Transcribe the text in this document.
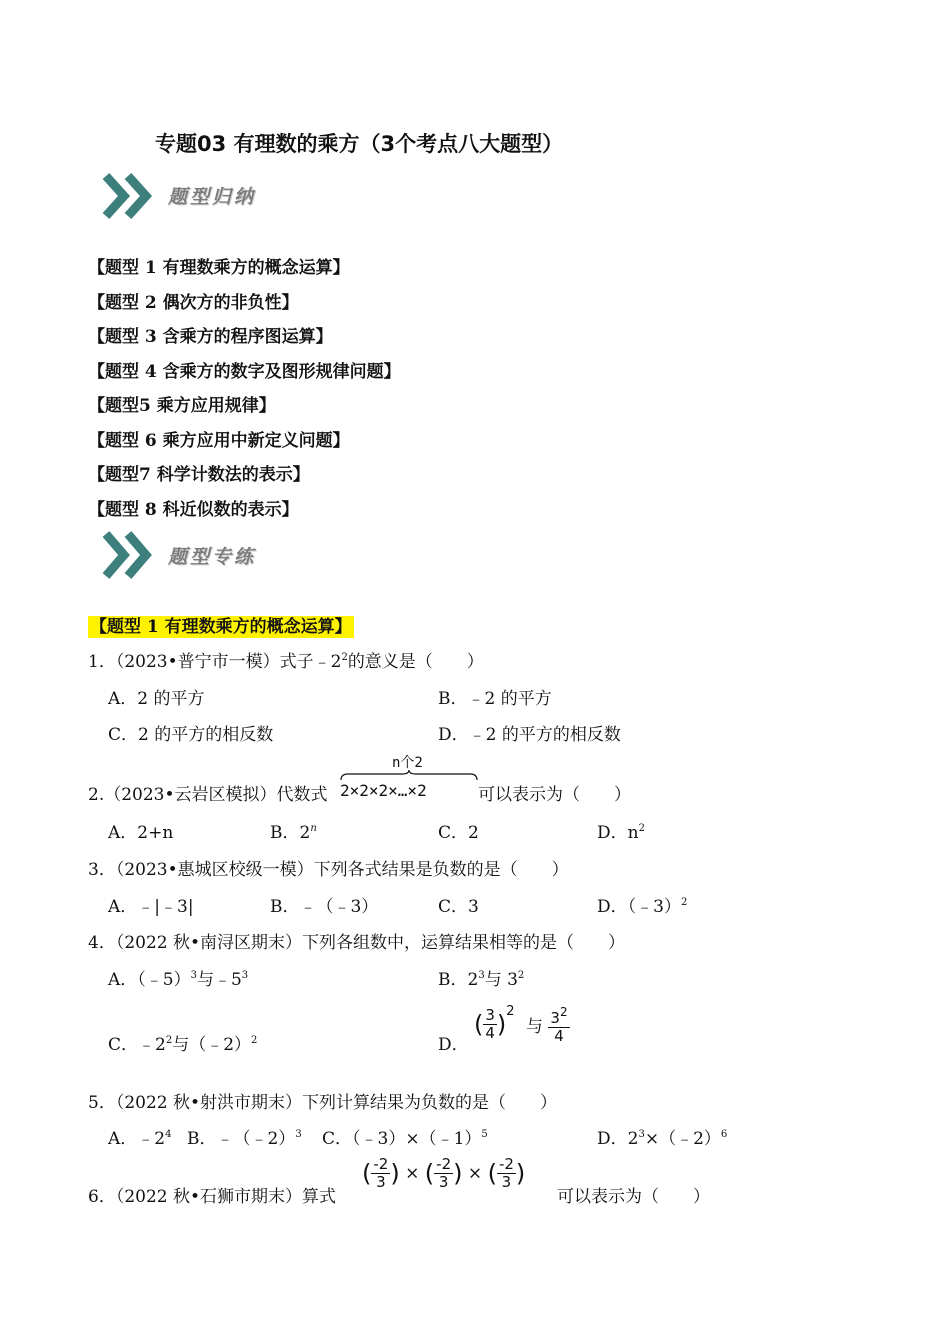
专题03 有理数的乘方（3个考点八大题型）
题型归纳
【题型 1 有理数乘方的概念运算】
【题型 2 偶次方的非负性】
【题型 3 含乘方的程序图运算】
【题型 4 含乘方的数字及图形规律问题】
【题型5 乘方应用规律】
【题型 6 乘方应用中新定义问题】
【题型7 科学计数法的表示】
【题型 8 科近似数的表示】
题型专练
【题型 1 有理数乘方的概念运算】
1．（2023•普宁市一模）式子$﹣2^2$的意义是（　　）
A．2 的平方	B．﹣2 的平方
C．2 的平方的相反数	D．﹣2 的平方的相反数
2.（2023•云岩区模拟）代数式
n个2
2×2×2×…×2	可以表示为（　　）
A．2+n	B．2$^n$	C．2	D．$n^2$
3．（2023•惠城区校级一模）下列各式结果是负数的是（　　）
A．﹣|﹣3|	B．﹣（﹣3）	C．3	D．（﹣3）$^2$
4．（2022 秋•南浔区期末）下列各组数中，运算结果相等的是（　　）
A．（﹣5）$^3$与$﹣5^3$	B．$2^3$与 $3^2$
C．$﹣2^2$与（﹣2）$^2$	D．
( $\frac{3}{4} )^2$ 与 $\frac{3^2}{4}$
5．（2022 秋•射洪市期末）下列计算结果为负数的是（　　）
A．$﹣2^4$ B．﹣（﹣2）$^3$ C．（﹣3）×（﹣1）$^5$	D．$2^3\times(﹣2)^6$
6．（2022 秋•石狮市期末）算式
( $\frac{-2}{3}$ ) × ( $\frac{-2}{3}$ ) × ( $\frac{-2}{3}$ )
可以表示为（　　）
